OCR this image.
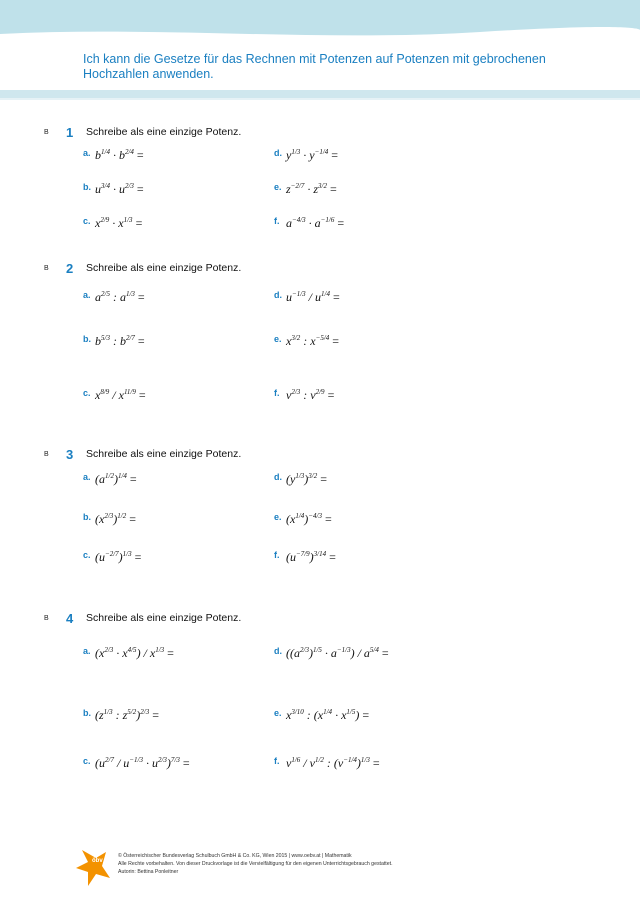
Ich kann die Gesetze für das Rechnen mit Potenzen auf Potenzen mit gebrochenen Hochzahlen anwenden.
B 1 Schreibe als eine einzige Potenz.
a. $b^{1/4} \cdot b^{2/4}$ =
b. $u^{3/4} \cdot u^{2/3}$ =
c. $x^{2/9} \cdot x^{1/3}$ =
d. $y^{1/3} \cdot y^{-1/4}$ =
e. $z^{-2/7} \cdot z^{3/2}$ =
f. $a^{-4/3} \cdot a^{-1/6}$ =
B 2 Schreibe als eine einzige Potenz.
a. $a^{2/5}$ : $a^{1/3}$ =
b. $b^{5/3}$ : $b^{2/7}$ =
c. $x^{8/9} / x^{11/9}$ =
d. $u^{-1/3} / u^{1/4}$ =
e. $x^{3/2}$ : $x^{-5/4}$ =
f. $v^{2/3}$ : $v^{2/9}$ =
B 3 Schreibe als eine einzige Potenz.
a. $(a^{1/2})^{1/4}$ =
b. $(x^{2/3})^{1/2}$ =
c. $(u^{-2/7})^{1/3}$ =
d. $(y^{1/3})^{3/2}$ =
e. $(x^{1/4})^{-4/3}$ =
f. $(u^{-7/9})^{3/14}$ =
B 4 Schreibe als eine einzige Potenz.
a. $(x^{2/3} \cdot x^{4/5}) / x^{1/3}$ =
b. ($z^{1/3}$ : $z^{5/2})^{2/3}$ =
c. $(u^{2/7} / u^{-1/3} \cdot u^{2/3})^{7/3}$ =
d. $((a^{2/3})^{1/5} \cdot a^{-1/3}) / a^{5/4}$ =
e. $x^{3/10}$ : $(x^{1/4} \cdot x^{1/5})$ =
f. $v^{1/6} / v^{1/2}$ : $(v^{-1/4})^{1/3}$ =
öbv
© Österreichischer Bundesverlag Schulbuch GmbH & Co. KG, Wien 2015 | www.oebv.at | Mathematik
Alle Rechte vorbehalten. Von dieser Druckvorlage ist die Vervielfältigung für den eigenen Unterrichtsgebrauch gestattet.
Autorin: Bettina Ponleitner
